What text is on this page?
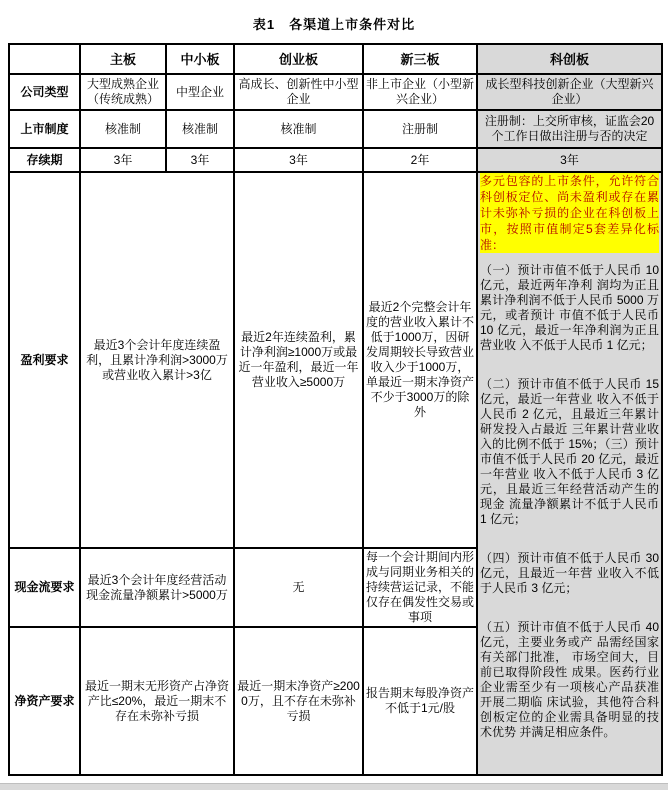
表1　各渠道上市条件对比
	主板	中小板	创业板	新三板	科创板
公司类型	大型成熟企业（传统成熟）	中型企业	高成长、创新性中小型企业	非上市企业（小型新兴企业）	成长型科技创新企业（大型新兴企业）
上市制度	核准制	核准制	核准制	注册制	注册制：上交所审核，证监会20个工作日做出注册与否的决定
存续期	3年	3年	3年	2年	3年
盈利要求	最近3个会计年度连续盈利，且累计净利润>3000万或营业收入累计>3亿		最近2年连续盈利，累计净利润≥1000万或最近一年盈利，最近一年营业收入≥5000万	最近2个完整会计年度的营业收入累计不低于1000万，因研发周期较长导致营业收入少于1000万，单最近一期末净资产不少于3000万的除外	多元包容的上市条件，允许符合科创板定位、尚未盈利或存在累计未弥补亏损的企业在科创板上市，按照市值制定5套差异化标准：

（一）预计市值不低于人民币 10 亿元，最近两年净利 润均为正且累计净利润不低于人民币 5000 万元，或者预计 市值不低于人民币 10 亿元，最近一年净利润为正且营业收 入不低于人民币 1 亿元；

（二）预计市值不低于人民币 15 亿元，最近一年营业 收入不低于人民币 2 亿元，且最近三年累计研发投入占最近 三年累计营业收入的比例不低于 15%；（三）预计市值不低于人民币 20 亿元，最近一年营业 收入不低于人民币 3 亿元，且最近三年经营活动产生的现金 流量净额累计不低于人民币 1 亿元；

（四）预计市值不低于人民币 30 亿元，且最近一年营 业收入不低于人民币 3 亿元；

（五）预计市值不低于人民币 40 亿元，主要业务或产 品需经国家有关部门批准， 市场空间大，目前已取得阶段性 成果。医药行业企业需至少有一项核心产品获准开展二期临 床试验，其他符合科创板定位的企业需具备明显的技术优势 并满足相应条件。

现金流要求	最近3个会计年度经营活动现金流量净额累计>5000万		无	每一个会计期间内形成与同期业务相关的持续营运记录，不能仅存在偶发性交易或事项	
净资产要求	最近一期末无形资产占净资产比≤20%，最近一期末不存在未弥补亏损		最近一期末净资产≥2000万，且不存在未弥补亏损	报告期末每股净资产不低于1元/股	
